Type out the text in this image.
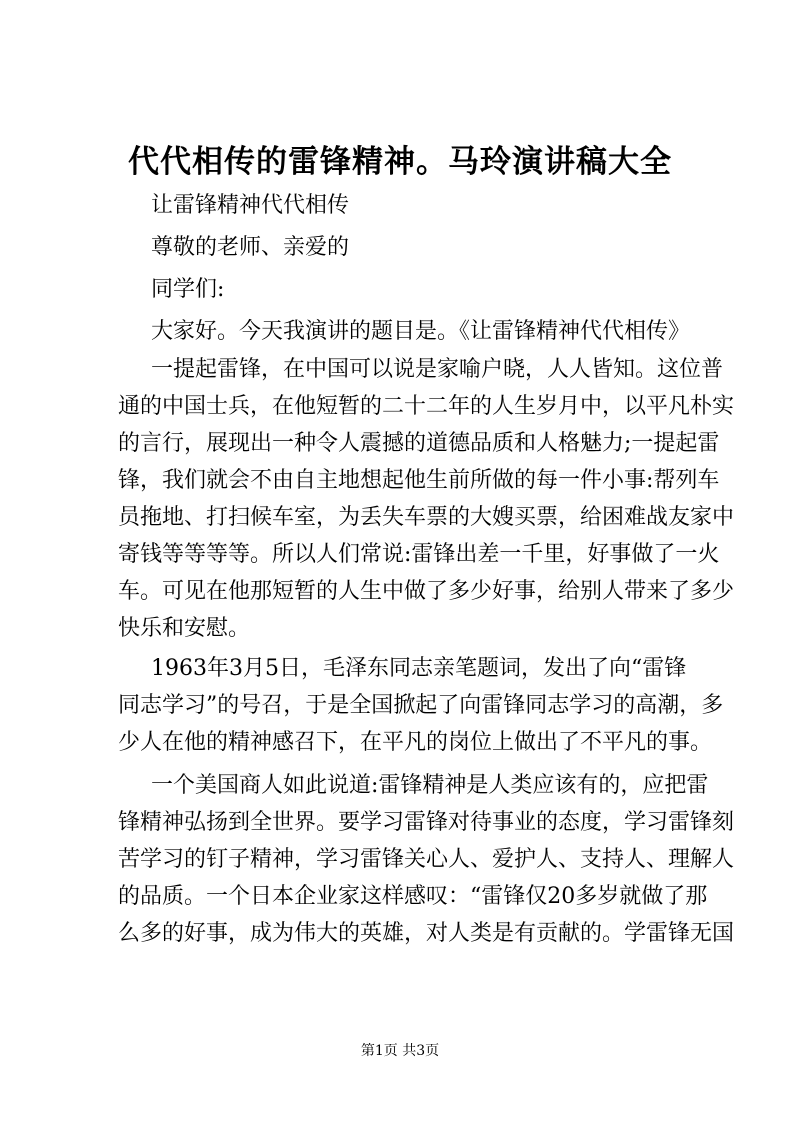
代代相传的雷锋精神。马玲演讲稿大全
让雷锋精神代代相传
尊敬的老师、亲爱的
同学们:
大家好。今天我演讲的题目是。《让雷锋精神代代相传》
一提起雷锋，在中国可以说是家喻户晓，人人皆知。这位普
通的中国士兵，在他短暂的二十二年的人生岁月中，以平凡朴实
的言行，展现出一种令人震撼的道德品质和人格魅力;一提起雷
锋，我们就会不由自主地想起他生前所做的每一件小事:帮列车
员拖地、打扫候车室，为丢失车票的大嫂买票，给困难战友家中
寄钱等等等等。所以人们常说:雷锋出差一千里，好事做了一火
车。可见在他那短暂的人生中做了多少好事，给别人带来了多少
快乐和安慰。
1963年3月5日，毛泽东同志亲笔题词，发出了向“雷锋
同志学习”的号召，于是全国掀起了向雷锋同志学习的高潮，多
少人在他的精神感召下，在平凡的岗位上做出了不平凡的事。
一个美国商人如此说道:雷锋精神是人类应该有的，应把雷
锋精神弘扬到全世界。要学习雷锋对待事业的态度，学习雷锋刻
苦学习的钉子精神，学习雷锋关心人、爱护人、支持人、理解人
的品质。一个日本企业家这样感叹：“雷锋仅20多岁就做了那
么多的好事，成为伟大的英雄，对人类是有贡献的。学雷锋无国
第1页 共3页
